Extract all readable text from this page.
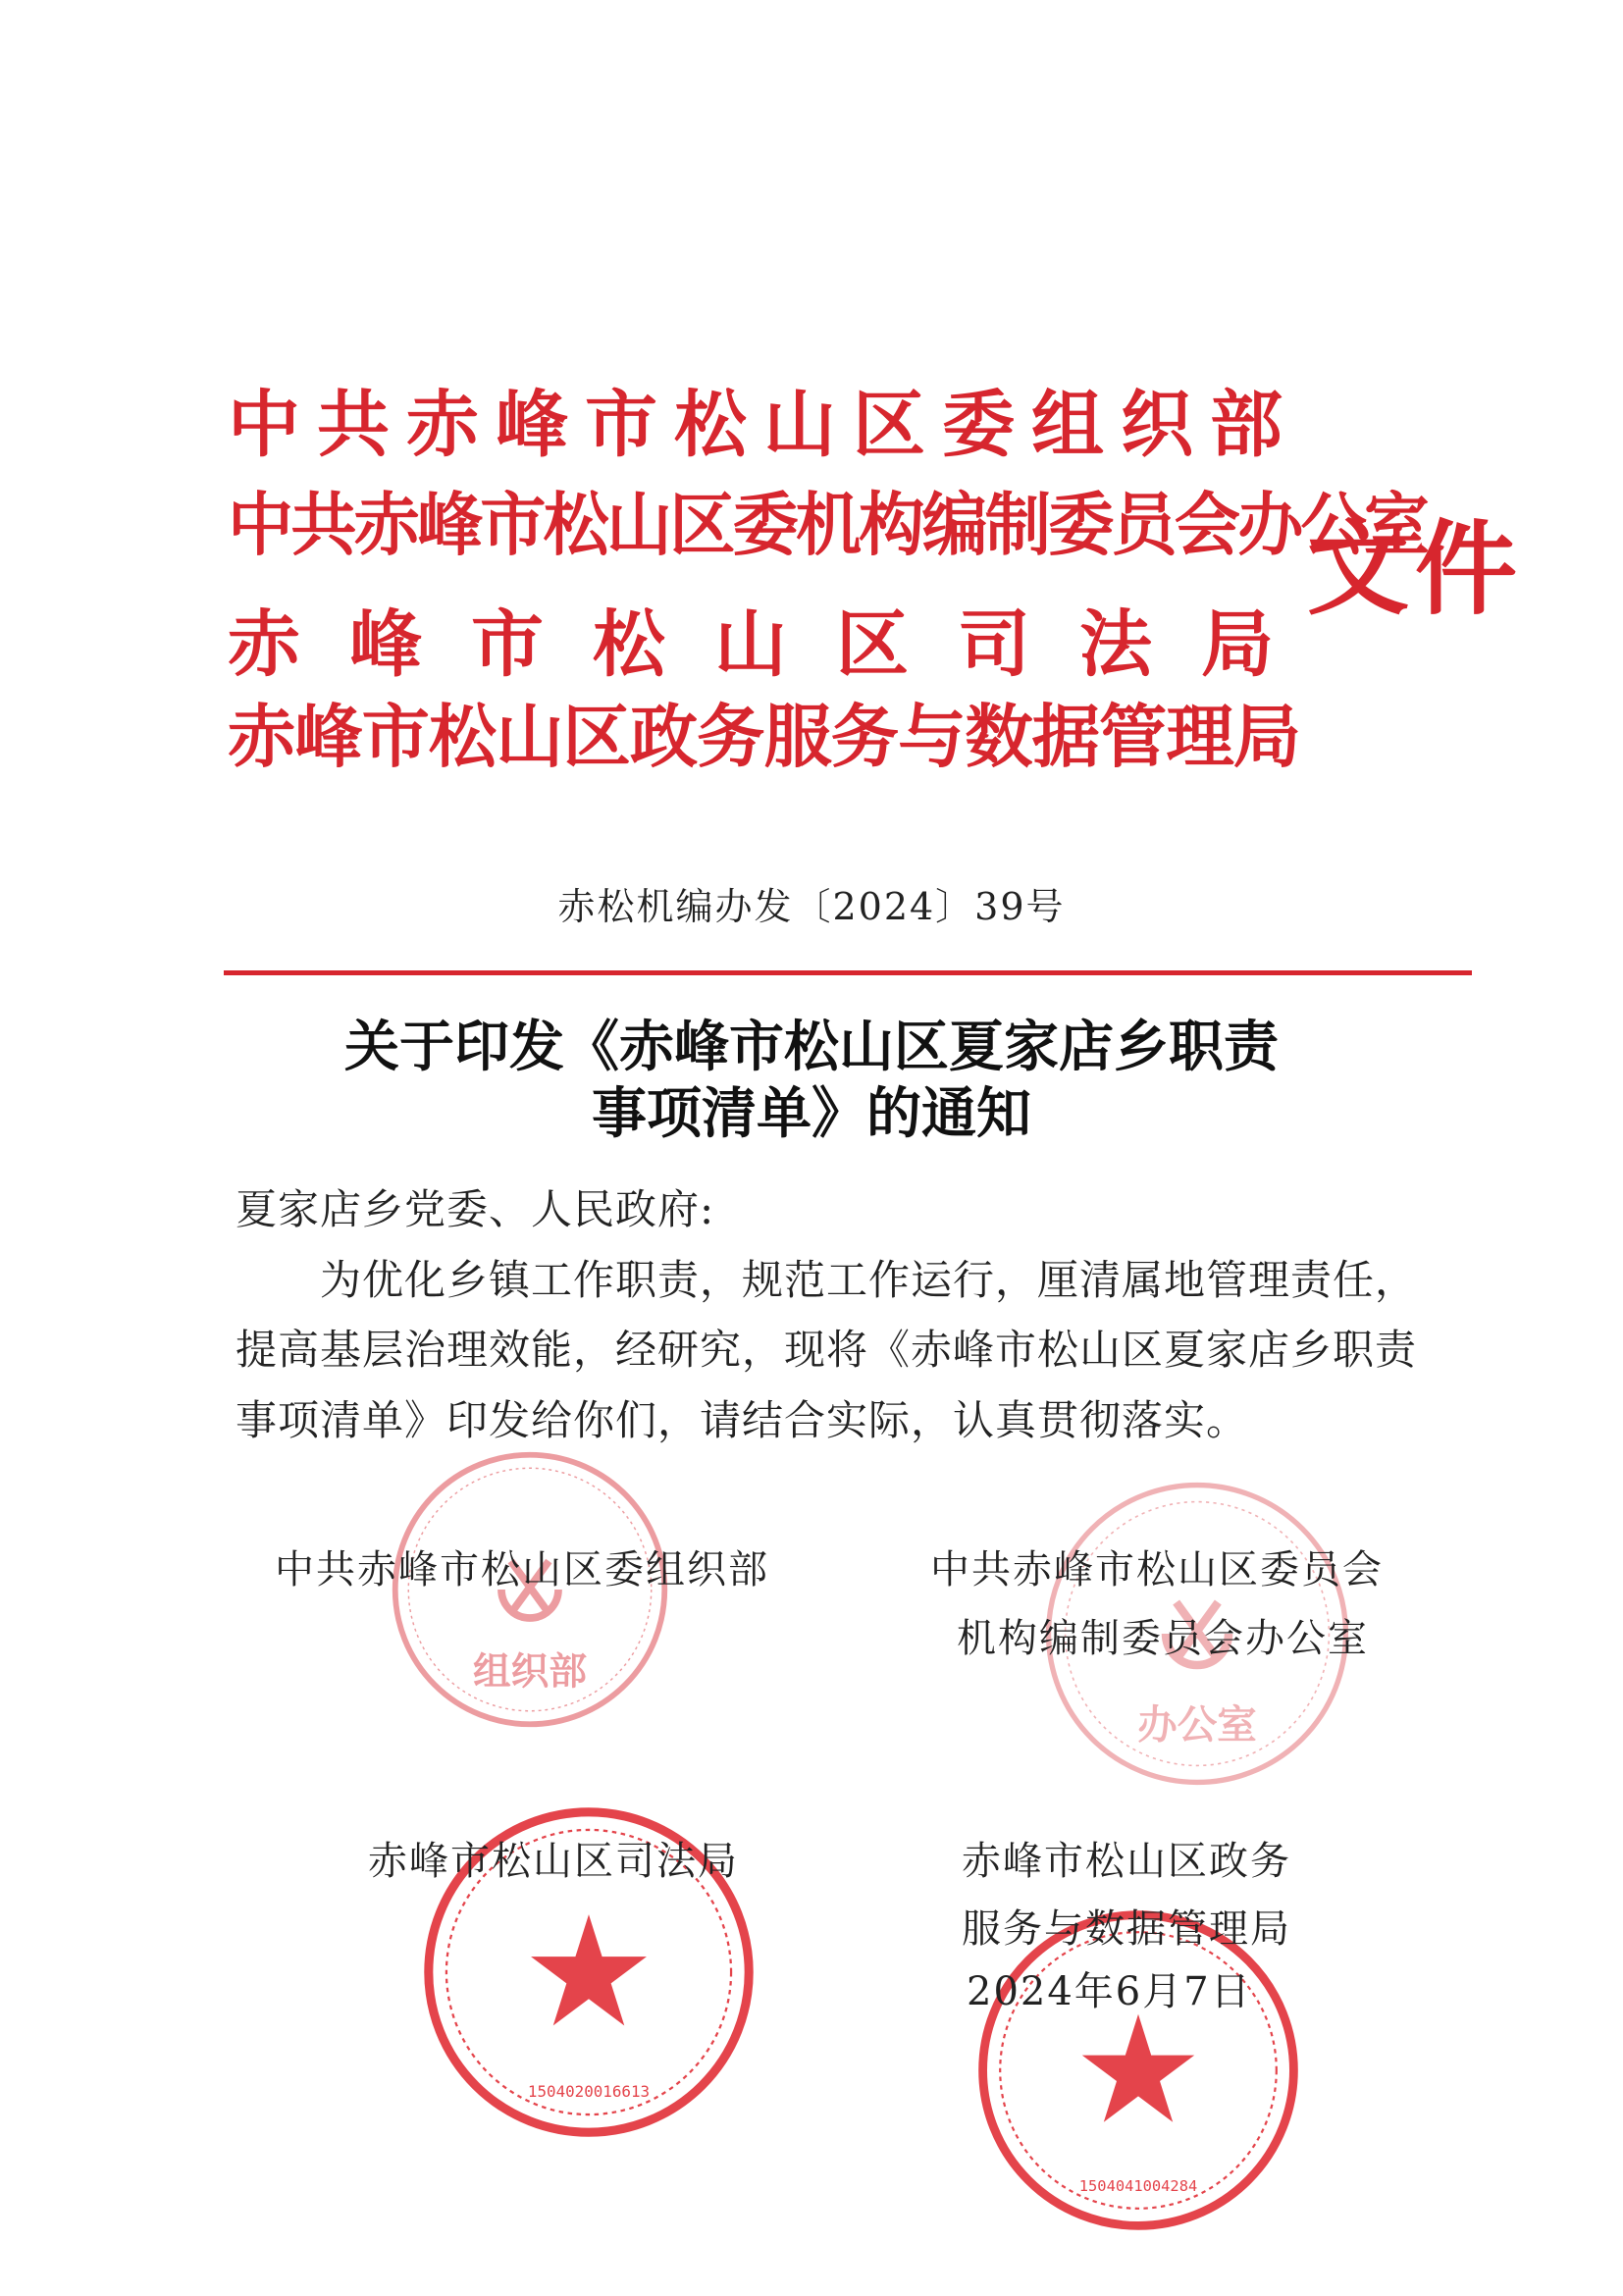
中共赤峰市松山区委组织部
中共赤峰市松山区委机构编制委员会办公室
赤峰市松山区司法局
赤峰市松山区政务服务与数据管理局
文件
赤松机编办发〔2024〕39号
关于印发《赤峰市松山区夏家店乡职责
事项清单》的通知
夏家店乡党委、人民政府:
为优化乡镇工作职责，规范工作运行，厘清属地管理责任，
提高基层治理效能，经研究，现将《赤峰市松山区夏家店乡职责
事项清单》印发给你们，请结合实际，认真贯彻落实。
组织部
办公室
1504020016613
1504041004284
中共赤峰市松山区委组织部	中共赤峰市松山区委员会
机构编制委员会办公室
赤峰市松山区司法局	赤峰市松山区政务
服务与数据管理局
2024年6月7日
